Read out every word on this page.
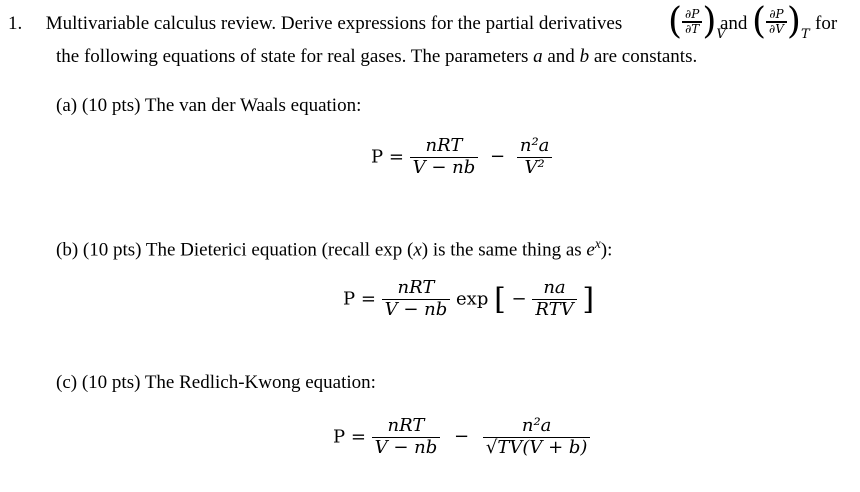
1. Multivariable calculus review. Derive expressions for the partial derivatives ( $\frac{\partial P}{\partial T} )_V$
and ( $\frac{\partial P}{\partial V} )_T$
for
the following equations of state for real gases. The parameters a and b are constants.
(a) (10 pts) The van der Waals equation:
$P = \frac{\text{nRT}}{V - nb} - \frac{\text{n²a}}{\text{V²}}$
(b) (10 pts) The Dieterici equation (recall exp (x) is the same thing as $e^x$):
$P = \frac{\text{nRT}}{V - nb}$ exp [ − $\frac{na}{\text{RTV}}$ ]
(c) (10 pts) The Redlich-Kwong equation:
$P = \frac{\text{nRT}}{V - nb} - \frac{\text{n²a}}{√TV(V + b)}$
